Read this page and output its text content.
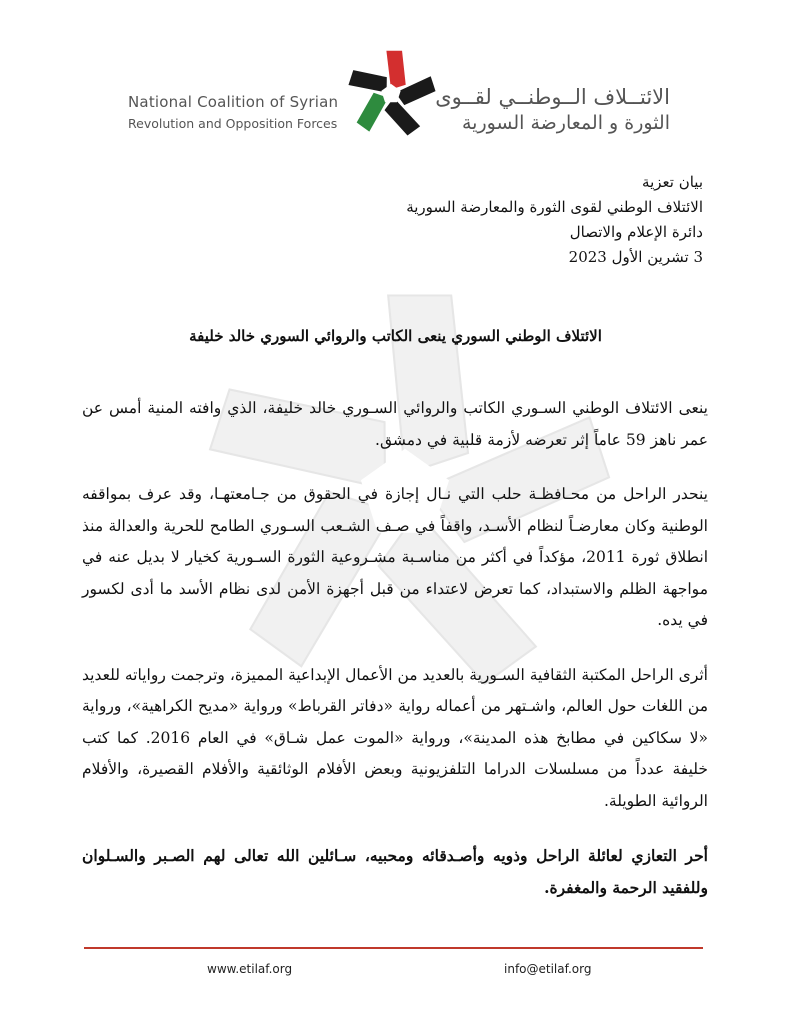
National Coalition of Syrian
Revolution and Opposition Forces
الائتــلاف الــوطنــي لقــوى
الثورة و المعارضة السورية
بيان تعزية
الائتلاف الوطني لقوى الثورة والمعارضة السورية
دائرة الإعلام والاتصال
3 تشرين الأول 2023
الائتلاف الوطني السوري ينعى الكاتب والروائي السوري خالد خليفة

ينعى الائتلاف الوطني السـوري الكاتب والروائي السـوري خالد خليفة، الذي وافته المنية أمس عن عمر ناهز 59 عاماً إثر تعرضه لأزمة قلبية في دمشق.

ينحدر الراحل من محـافظـة حلب التي نـال إجازة في الحقوق من جـامعتهـا، وقد عرف بمواقفه الوطنية وكان معارضـاً لنظام الأسـد، واقفاً في صـف الشـعب السـوري الطامح للحرية والعدالة منذ انطلاق ثورة 2011، مؤكداً في أكثر من مناسـبة مشـروعية الثورة السـورية كخيار لا بديل عنه في مواجهة الظلم والاستبداد، كما تعرض لاعتداء من قبل أجهزة الأمن لدى نظام الأسد ما أدى لكسور في يده.

أثرى الراحل المكتبة الثقافية السـورية بالعديد من الأعمال الإبداعية المميزة، وترجمت رواياته للعديد من اللغات حول العالم، واشـتهر من أعماله رواية «دفاتر القرباط» ورواية «مديح الكراهية»، ورواية «لا سكاكين في مطابخ هذه المدينة»، ورواية «الموت عمل شـاق» في العام 2016. كما كتب خليفة عدداً من مسلسلات الدراما التلفزيونية وبعض الأفلام الوثائقية والأفلام القصيرة، والأفلام الروائية الطويلة.

أحر التعازي لعائلة الراحل وذويه وأصـدقائه ومحبيه، سـائلين الله تعالى لهم الصـبر والسـلوان وللفقيد الرحمة والمغفرة.

www.etilaf.org	info@etilaf.org
